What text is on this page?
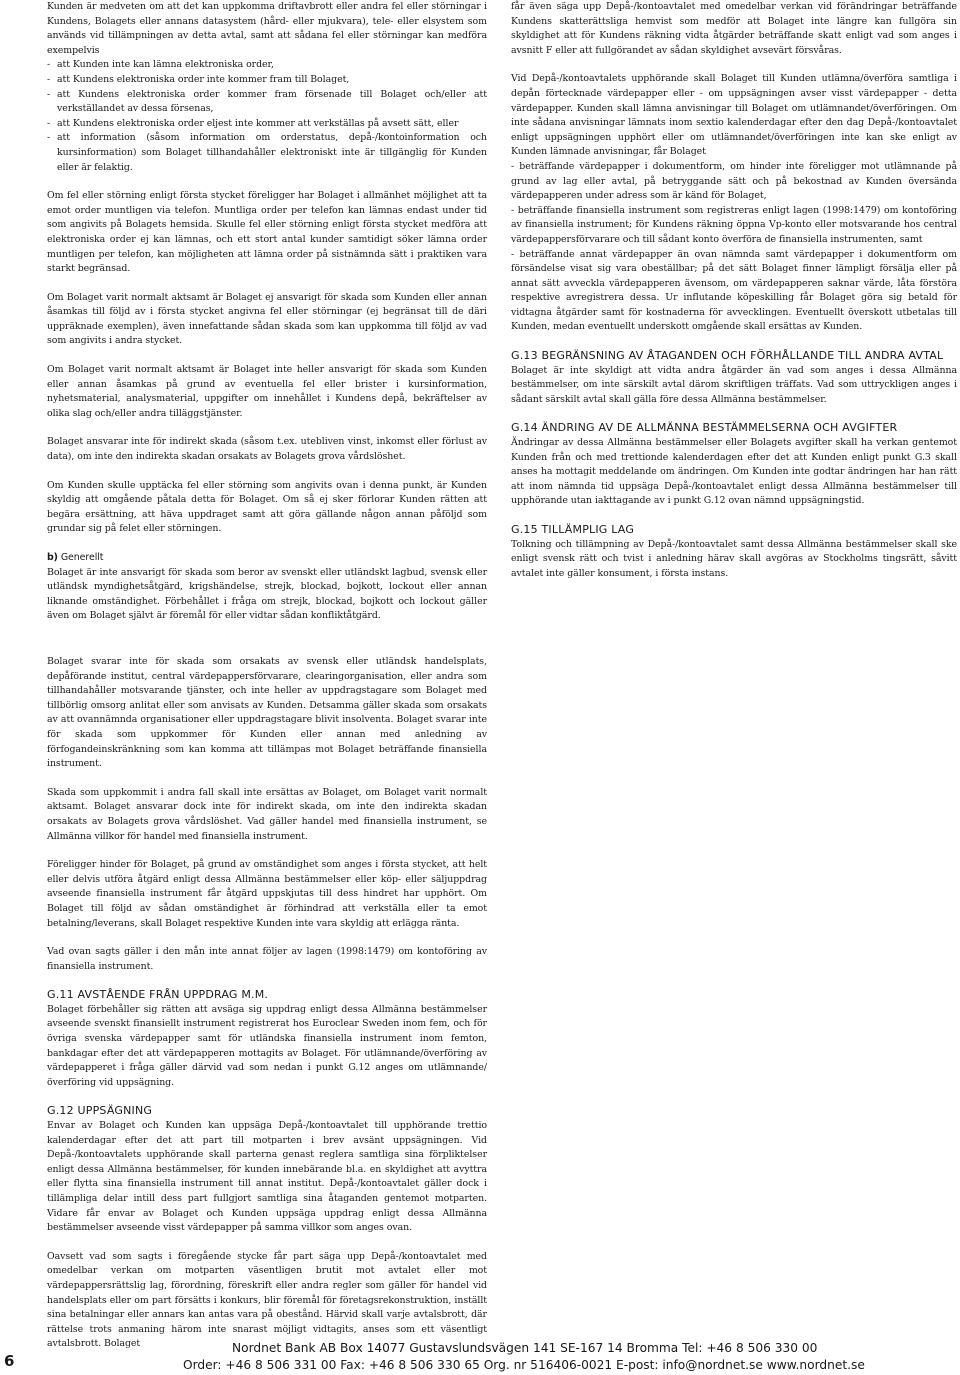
Kunden är medveten om att det kan uppkomma driftavbrott eller andra fel eller störningar i Kundens, Bolagets eller annans datasystem (hård- eller mjukvara), tele- eller elsystem som används vid tillämpningen av detta avtal, samt att sådana fel eller störningar kan medföra exempelvis

- att Kunden inte kan lämna elektroniska order,
- att Kundens elektroniska order inte kommer fram till Bolaget,
- att Kundens elektroniska order kommer fram försenade till Bolaget och/eller att verkställandet av dessa försenas,
- att Kundens elektroniska order eljest inte kommer att verkställas på avsett sätt, eller
- att information (såsom information om orderstatus, depå-/kontoinformation och kursinformation) som Bolaget tillhandahåller elektroniskt inte är tillgänglig för Kunden eller är felaktig.

Om fel eller störning enligt första stycket föreligger har Bolaget i allmänhet möjlighet att ta emot order muntligen via telefon. Muntliga order per telefon kan lämnas endast under tid som angivits på Bolagets hemsida. Skulle fel eller störning enligt första stycket medföra att elektroniska order ej kan lämnas, och ett stort antal kunder samtidigt söker lämna order muntligen per telefon, kan möjligheten att lämna order på sistnämnda sätt i praktiken vara starkt begränsad.

Om Bolaget varit normalt aktsamt är Bolaget ej ansvarigt för skada som Kunden eller annan åsamkas till följd av i första stycket angivna fel eller störningar (ej begränsat till de däri uppräknade exemplen), även innefattande sådan skada som kan uppkomma till följd av vad som angivits i andra stycket.

Om Bolaget varit normalt aktsamt är Bolaget inte heller ansvarigt för skada som Kunden eller annan åsamkas på grund av eventuella fel eller brister i kursinformation, nyhetsmaterial, analysmaterial, uppgifter om innehållet i Kundens depå, bekräftelser av olika slag och/eller andra tilläggstjänster.

Bolaget ansvarar inte för indirekt skada (såsom t.ex. utebliven vinst, inkomst eller förlust av data), om inte den indirekta skadan orsakats av Bolagets grova vårdslöshet.

Om Kunden skulle upptäcka fel eller störning som angivits ovan i denna punkt, är Kunden skyldig att omgående påtala detta för Bolaget. Om så ej sker förlorar Kunden rätten att begära ersättning, att häva uppdraget samt att göra gällande någon annan påföljd som grundar sig på felet eller störningen.

b) Generellt

Bolaget är inte ansvarigt för skada som beror av svenskt eller utländskt lagbud, svensk eller utländsk myndighetsåtgärd, krigshändelse, strejk, blockad, bojkott, lockout eller annan liknande omständighet. Förbehållet i fråga om strejk, blockad, bojkott och lockout gäller även om Bolaget självt är föremål för eller vidtar sådan konfliktåtgärd.

Bolaget svarar inte för skada som orsakats av svensk eller utländsk handelsplats, depåförande institut, central värdepappersförvarare, clearingorganisation, eller andra som tillhandahåller motsvarande tjänster, och inte heller av uppdragstagare som Bolaget med tillbörlig omsorg anlitat eller som anvisats av Kunden. Detsamma gäller skada som orsakats av att ovannämnda organisationer eller uppdragstagare blivit insolventa. Bolaget svarar inte för skada som uppkommer för Kunden eller annan med anledning av förfogandeinskränkning som kan komma att tillämpas mot Bolaget beträffande finansiella instrument.

Skada som uppkommit i andra fall skall inte ersättas av Bolaget, om Bolaget varit normalt aktsamt. Bolaget ansvarar dock inte för indirekt skada, om inte den indirekta skadan orsakats av Bolagets grova vårdslöshet. Vad gäller handel med finansiella instrument, se Allmänna villkor för handel med finansiella instrument.

Föreligger hinder för Bolaget, på grund av omständighet som anges i första stycket, att helt eller delvis utföra åtgärd enligt dessa Allmänna bestämmelser eller köp- eller säljuppdrag avseende finansiella instrument får åtgärd uppskjutas till dess hindret har upphört. Om Bolaget till följd av sådan omständighet är förhindrad att verkställa eller ta emot betalning/leverans, skall Bolaget respektive Kunden inte vara skyldig att erlägga ränta.

Vad ovan sagts gäller i den mån inte annat följer av lagen (1998:1479) om kontoföring av finansiella instrument.

G.11 AVSTÅENDE FRÅN UPPDRAG M.M.

Bolaget förbehåller sig rätten att avsäga sig uppdrag enligt dessa Allmänna bestämmelser avseende svenskt finansiellt instrument registrerat hos Euroclear Sweden inom fem, och för övriga svenska värdepapper samt för utländska finansiella instrument inom femton, bankdagar efter det att värdepapperen mottagits av Bolaget. För utlämnande/överföring av värdepapperet i fråga gäller därvid vad som nedan i punkt G.12 anges om utlämnande/överföring vid uppsägning.

G.12 UPPSÄGNING

Envar av Bolaget och Kunden kan uppsäga Depå-/kontoavtalet till upphörande trettio kalenderdagar efter det att part till motparten i brev avsänt uppsägningen. Vid Depå-/kontoavtalets upphörande skall parterna genast reglera samtliga sina förpliktelser enligt dessa Allmänna bestämmelser, för kunden innebärande bl.a. en skyldighet att avyttra eller flytta sina finansiella instrument till annat institut. Depå-/kontoavtalet gäller dock i tillämpliga delar intill dess part fullgjort samtliga sina åtaganden gentemot motparten. Vidare får envar av Bolaget och Kunden uppsäga uppdrag enligt dessa Allmänna bestämmelser avseende visst värdepapper på samma villkor som anges ovan.

Oavsett vad som sagts i föregående stycke får part säga upp Depå-/kontoavtalet med omedelbar verkan om motparten väsentligen brutit mot avtalet eller mot värdepappersrättslig lag, förordning, föreskrift eller andra regler som gäller för handel vid handelsplats eller om part försätts i konkurs, blir föremål för företagsrekonstruktion, inställt sina betalningar eller annars kan antas vara på obestånd. Härvid skall varje avtalsbrott, där rättelse trots anmaning härom inte snarast möjligt vidtagits, anses som ett väsentligt avtalsbrott. Bolaget

får även säga upp Depå-/kontoavtalet med omedelbar verkan vid förändringar beträffande Kundens skatterättsliga hemvist som medför att Bolaget inte längre kan fullgöra sin skyldighet att för Kundens räkning vidta åtgärder beträffande skatt enligt vad som anges i avsnitt F eller att fullgörandet av sådan skyldighet avsevärt försvåras.

Vid Depå-/kontoavtalets upphörande skall Bolaget till Kunden utlämna/överföra samtliga i depån förtecknade värdepapper eller - om uppsägningen avser visst värdepapper - detta värdepapper. Kunden skall lämna anvisningar till Bolaget om utlämnandet/överföringen. Om inte sådana anvisningar lämnats inom sextio kalenderdagar efter den dag Depå-/kontoavtalet enligt uppsägningen upphört eller om utlämnandet/överföringen inte kan ske enligt av Kunden lämnade anvisningar, får Bolaget

- beträffande värdepapper i dokumentform, om hinder inte föreligger mot utlämnande på grund av lag eller avtal, på betryggande sätt och på bekostnad av Kunden översända värdepapperen under adress som är känd för Bolaget,

- beträffande finansiella instrument som registreras enligt lagen (1998:1479) om kontoföring av finansiella instrument; för Kundens räkning öppna Vp-konto eller motsvarande hos central värdepappersförvarare och till sådant konto överföra de finansiella instrumenten, samt

- beträffande annat värdepapper än ovan nämnda samt värdepapper i dokumentform om försändelse visat sig vara obeställbar; på det sätt Bolaget finner lämpligt försälja eller på annat sätt avveckla värdepapperen ävensom, om värdepapperen saknar värde, låta förstöra respektive avregistrera dessa. Ur influtande köpeskilling får Bolaget göra sig betald för vidtagna åtgärder samt för kostnaderna för avvecklingen. Eventuellt överskott utbetalas till Kunden, medan eventuellt underskott omgående skall ersättas av Kunden.

G.13 BEGRÄNSNING AV ÅTAGANDEN OCH FÖRHÅLLANDE TILL ANDRA AVTAL

Bolaget är inte skyldigt att vidta andra åtgärder än vad som anges i dessa Allmänna bestämmelser, om inte särskilt avtal därom skriftligen träffats. Vad som uttryckligen anges i sådant särskilt avtal skall gälla före dessa Allmänna bestämmelser.

G.14 ÄNDRING AV DE ALLMÄNNA BESTÄMMELSERNA OCH AVGIFTER

Ändringar av dessa Allmänna bestämmelser eller Bolagets avgifter skall ha verkan gentemot Kunden från och med trettionde kalenderdagen efter det att Kunden enligt punkt G.3 skall anses ha mottagit meddelande om ändringen. Om Kunden inte godtar ändringen har han rätt att inom nämnda tid uppsäga Depå-/kontoavtalet enligt dessa Allmänna bestämmelser till upphörande utan iakttagande av i punkt G.12 ovan nämnd uppsägningstid.

G.15 TILLÄMPLIG LAG

Tolkning och tillämpning av Depå-/kontoavtalet samt dessa Allmänna bestämmelser skall ske enligt svensk rätt och tvist i anledning härav skall avgöras av Stockholms tingsrätt, såvitt avtalet inte gäller konsument, i första instans.

6
Nordnet Bank AB Box 14077 Gustavslundsvägen 141 SE-167 14 Bromma Tel: +46 8 506 330 00
Order: +46 8 506 331 00 Fax: +46 8 506 330 65 Org. nr 516406-0021 E-post: info@nordnet.se www.nordnet.se
